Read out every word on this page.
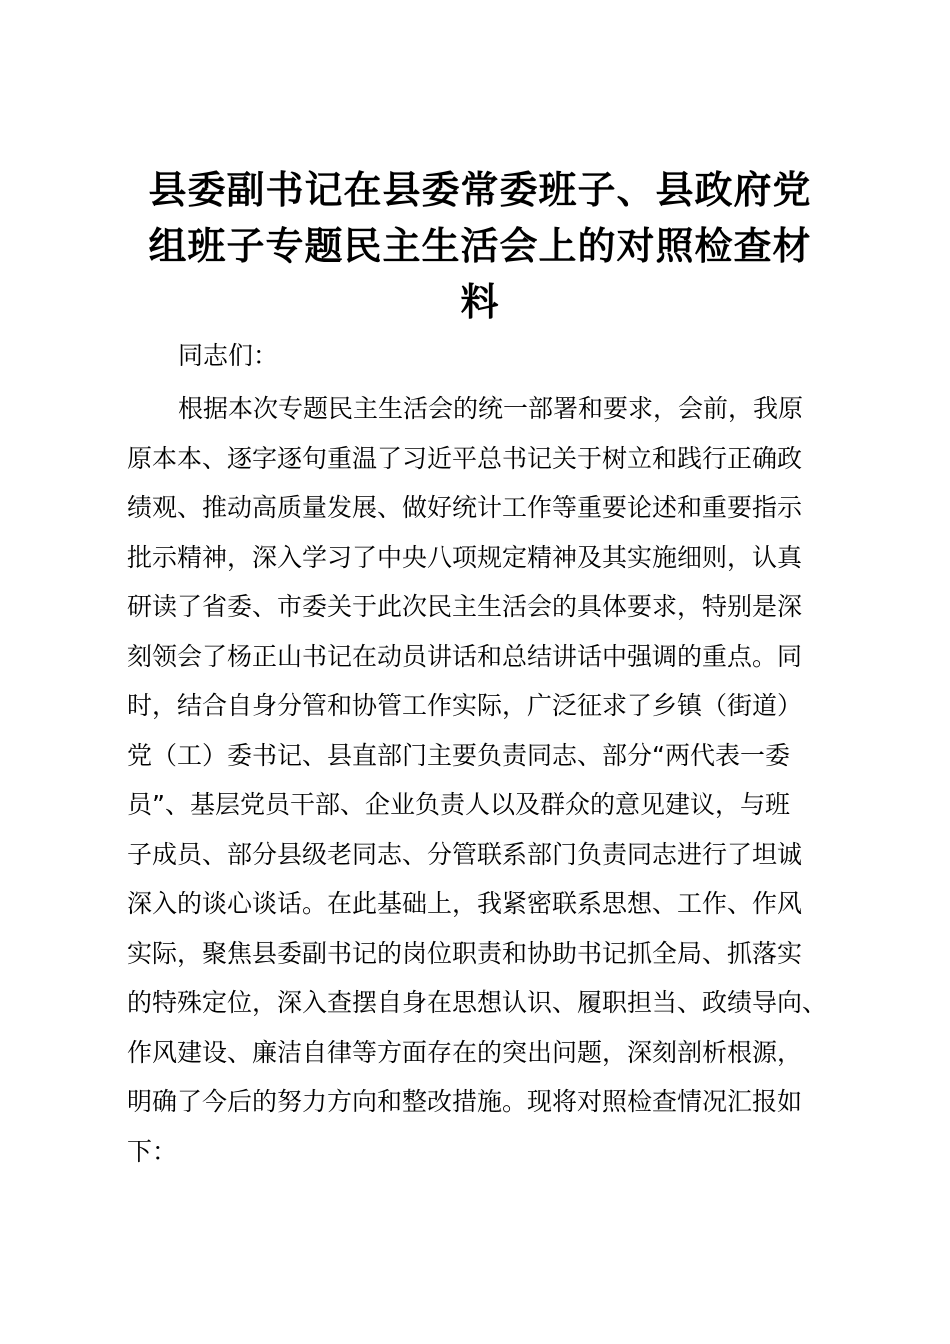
县委副书记在县委常委班子、县政府党
组班子专题民主生活会上的对照检查材
料

同志们：

根据本次专题民主生活会的统一部署和要求，会前，我原
原本本、逐字逐句重温了习近平总书记关于树立和践行正确政
绩观、推动高质量发展、做好统计工作等重要论述和重要指示
批示精神，深入学习了中央八项规定精神及其实施细则，认真
研读了省委、市委关于此次民主生活会的具体要求，特别是深
刻领会了杨正山书记在动员讲话和总结讲话中强调的重点。同
时，结合自身分管和协管工作实际，广泛征求了乡镇（街道）
党（工）委书记、县直部门主要负责同志、部分“两代表一委
员”、基层党员干部、企业负责人以及群众的意见建议，与班
子成员、部分县级老同志、分管联系部门负责同志进行了坦诚
深入的谈心谈话。在此基础上，我紧密联系思想、工作、作风
实际，聚焦县委副书记的岗位职责和协助书记抓全局、抓落实
的特殊定位，深入查摆自身在思想认识、履职担当、政绩导向、
作风建设、廉洁自律等方面存在的突出问题，深刻剖析根源，
明确了今后的努力方向和整改措施。现将对照检查情况汇报如
下：
